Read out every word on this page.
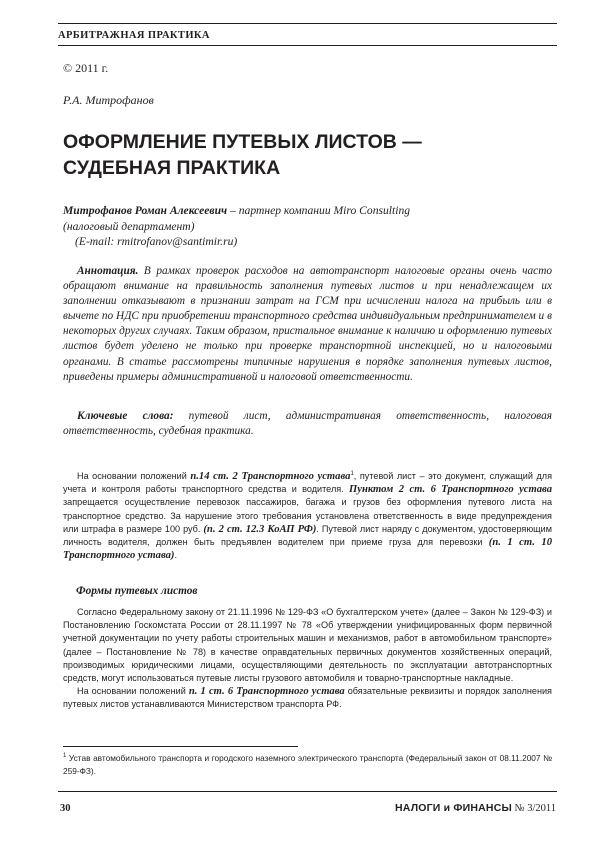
АРБИТРАЖНАЯ ПРАКТИКА
© 2011 г.
Р.А. Митрофанов
ОФОРМЛЕНИЕ ПУТЕВЫХ ЛИСТОВ —
СУДЕБНАЯ ПРАКТИКА
Митрофанов Роман Алексеевич – партнер компании Miro Consulting
(налоговый департамент)
(E-mail: rmitrofanov@santimir.ru)
Аннотация. В рамках проверок расходов на автотранспорт налоговые органы очень часто обращают внимание на правильность заполнения путевых листов и при ненадлежащем их заполнении отказывают в признании затрат на ГСМ при исчислении налога на прибыль или в вычете по НДС при приобретении транспортного средства индивидуальным предпринимателем и в некоторых других случаях. Таким образом, пристальное внимание к наличию и оформлению путевых листов будет уделено не только при проверке транспортной инспекцией, но и налоговыми органами. В статье рассмотрены типичные нарушения в порядке заполнения путевых листов, приведены примеры административной и налоговой ответственности.
Ключевые слова: путевой лист, административная ответственность, налоговая ответственность, судебная практика.
На основании положений п.14 ст. 2 Транспортного устава$^1$, путевой лист – это документ, служащий для учета и контроля работы транспортного средства и водителя. Пунктом 2 ст. 6 Транспортного устава запрещается осуществление перевозок пассажиров, багажа и грузов без оформления путевого листа на транспортное средство. За нарушение этого требования установлена ответственность в виде предупреждения или штрафа в размере 100 руб. (п. 2 ст. 12.3 КоАП РФ). Путевой лист наряду с документом, удостоверяющим личность водителя, должен быть предъявлен водителем при приеме груза для перевозки (п. 1 ст. 10 Транспортного устава).
Формы путевых листов
Согласно Федеральному закону от 21.11.1996 № 129-ФЗ «О бухгалтерском учете» (далее – Закон № 129-ФЗ) и Постановлению Госкомстата России от 28.11.1997 № 78 «Об утверждении унифицированных форм первичной учетной документации по учету работы строительных машин и механизмов, работ в автомобильном транспорте» (далее – Постановление № 78) в качестве оправдательных первичных документов хозяйственных операций, производимых юридическими лицами, осуществляющими деятельность по эксплуатации автотранспортных средств, могут использоваться путевые листы грузового автомобиля и товарно-транспортные накладные.
На основании положений п. 1 ст. 6 Транспортного устава обязательные реквизиты и порядок заполнения путевых листов устанавливаются Министерством транспорта РФ.
$^1$ Устав автомобильного транспорта и городского наземного электрического транспорта (Федеральный закон от 08.11.2007 № 259-ФЗ).
30	НАЛОГИ и ФИНАНСЫ № 3/2011
